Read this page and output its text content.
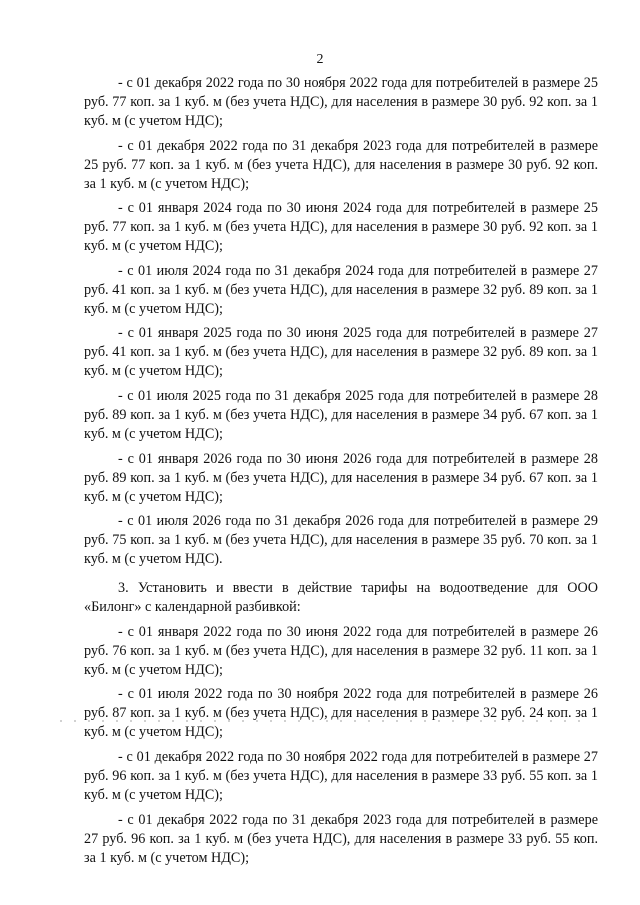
2

- с 01 декабря 2022 года по 30 ноября 2022 года для потребителей в размере 25 руб. 77 коп. за 1 куб. м (без учета НДС), для населения в размере 30 руб. 92 коп. за 1 куб. м (с учетом НДС);

- с 01 декабря 2022 года по 31 декабря 2023 года для потребителей в размере 25 руб. 77 коп. за 1 куб. м (без учета НДС), для населения в размере 30 руб. 92 коп. за 1 куб. м (с учетом НДС);

- с 01 января 2024 года по 30 июня 2024 года для потребителей в размере 25 руб. 77 коп. за 1 куб. м (без учета НДС), для населения в размере 30 руб. 92 коп. за 1 куб. м (с учетом НДС);

- с 01 июля 2024 года по 31 декабря 2024 года для потребителей в размере 27 руб. 41 коп. за 1 куб. м (без учета НДС), для населения в размере 32 руб. 89 коп. за 1 куб. м (с учетом НДС);

- с 01 января 2025 года по 30 июня 2025 года для потребителей в размере 27 руб. 41 коп. за 1 куб. м (без учета НДС), для населения в размере 32 руб. 89 коп. за 1 куб. м (с учетом НДС);

- с 01 июля 2025 года по 31 декабря 2025 года для потребителей в размере 28 руб. 89 коп. за 1 куб. м (без учета НДС), для населения в размере 34 руб. 67 коп. за 1 куб. м (с учетом НДС);

- с 01 января 2026 года по 30 июня 2026 года для потребителей в размере 28 руб. 89 коп. за 1 куб. м (без учета НДС), для населения в размере 34 руб. 67 коп. за 1 куб. м (с учетом НДС);

- с 01 июля 2026 года по 31 декабря 2026 года для потребителей в размере 29 руб. 75 коп. за 1 куб. м (без учета НДС), для населения в размере 35 руб. 70 коп. за 1 куб. м (с учетом НДС).

3. Установить и ввести в действие тарифы на водоотведение для ООО «Билонг» с календарной разбивкой:

- с 01 января 2022 года по 30 июня 2022 года для потребителей в размере 26 руб. 76 коп. за 1 куб. м (без учета НДС), для населения в размере 32 руб. 11 коп. за 1 куб. м (с учетом НДС);

- с 01 июля 2022 года по 30 ноября 2022 года для потребителей в размере 26 руб. 87 коп. за 1 куб. м (без учета НДС), для населения в размере 32 руб. 24 коп. за 1 куб. м (с учетом НДС);

- с 01 декабря 2022 года по 30 ноября 2022 года для потребителей в размере 27 руб. 96 коп. за 1 куб. м (без учета НДС), для населения в размере 33 руб. 55 коп. за 1 куб. м (с учетом НДС);

- с 01 декабря 2022 года по 31 декабря 2023 года для потребителей в размере 27 руб. 96 коп. за 1 куб. м (без учета НДС), для населения в размере 33 руб. 55 коп. за 1 куб. м (с учетом НДС);
